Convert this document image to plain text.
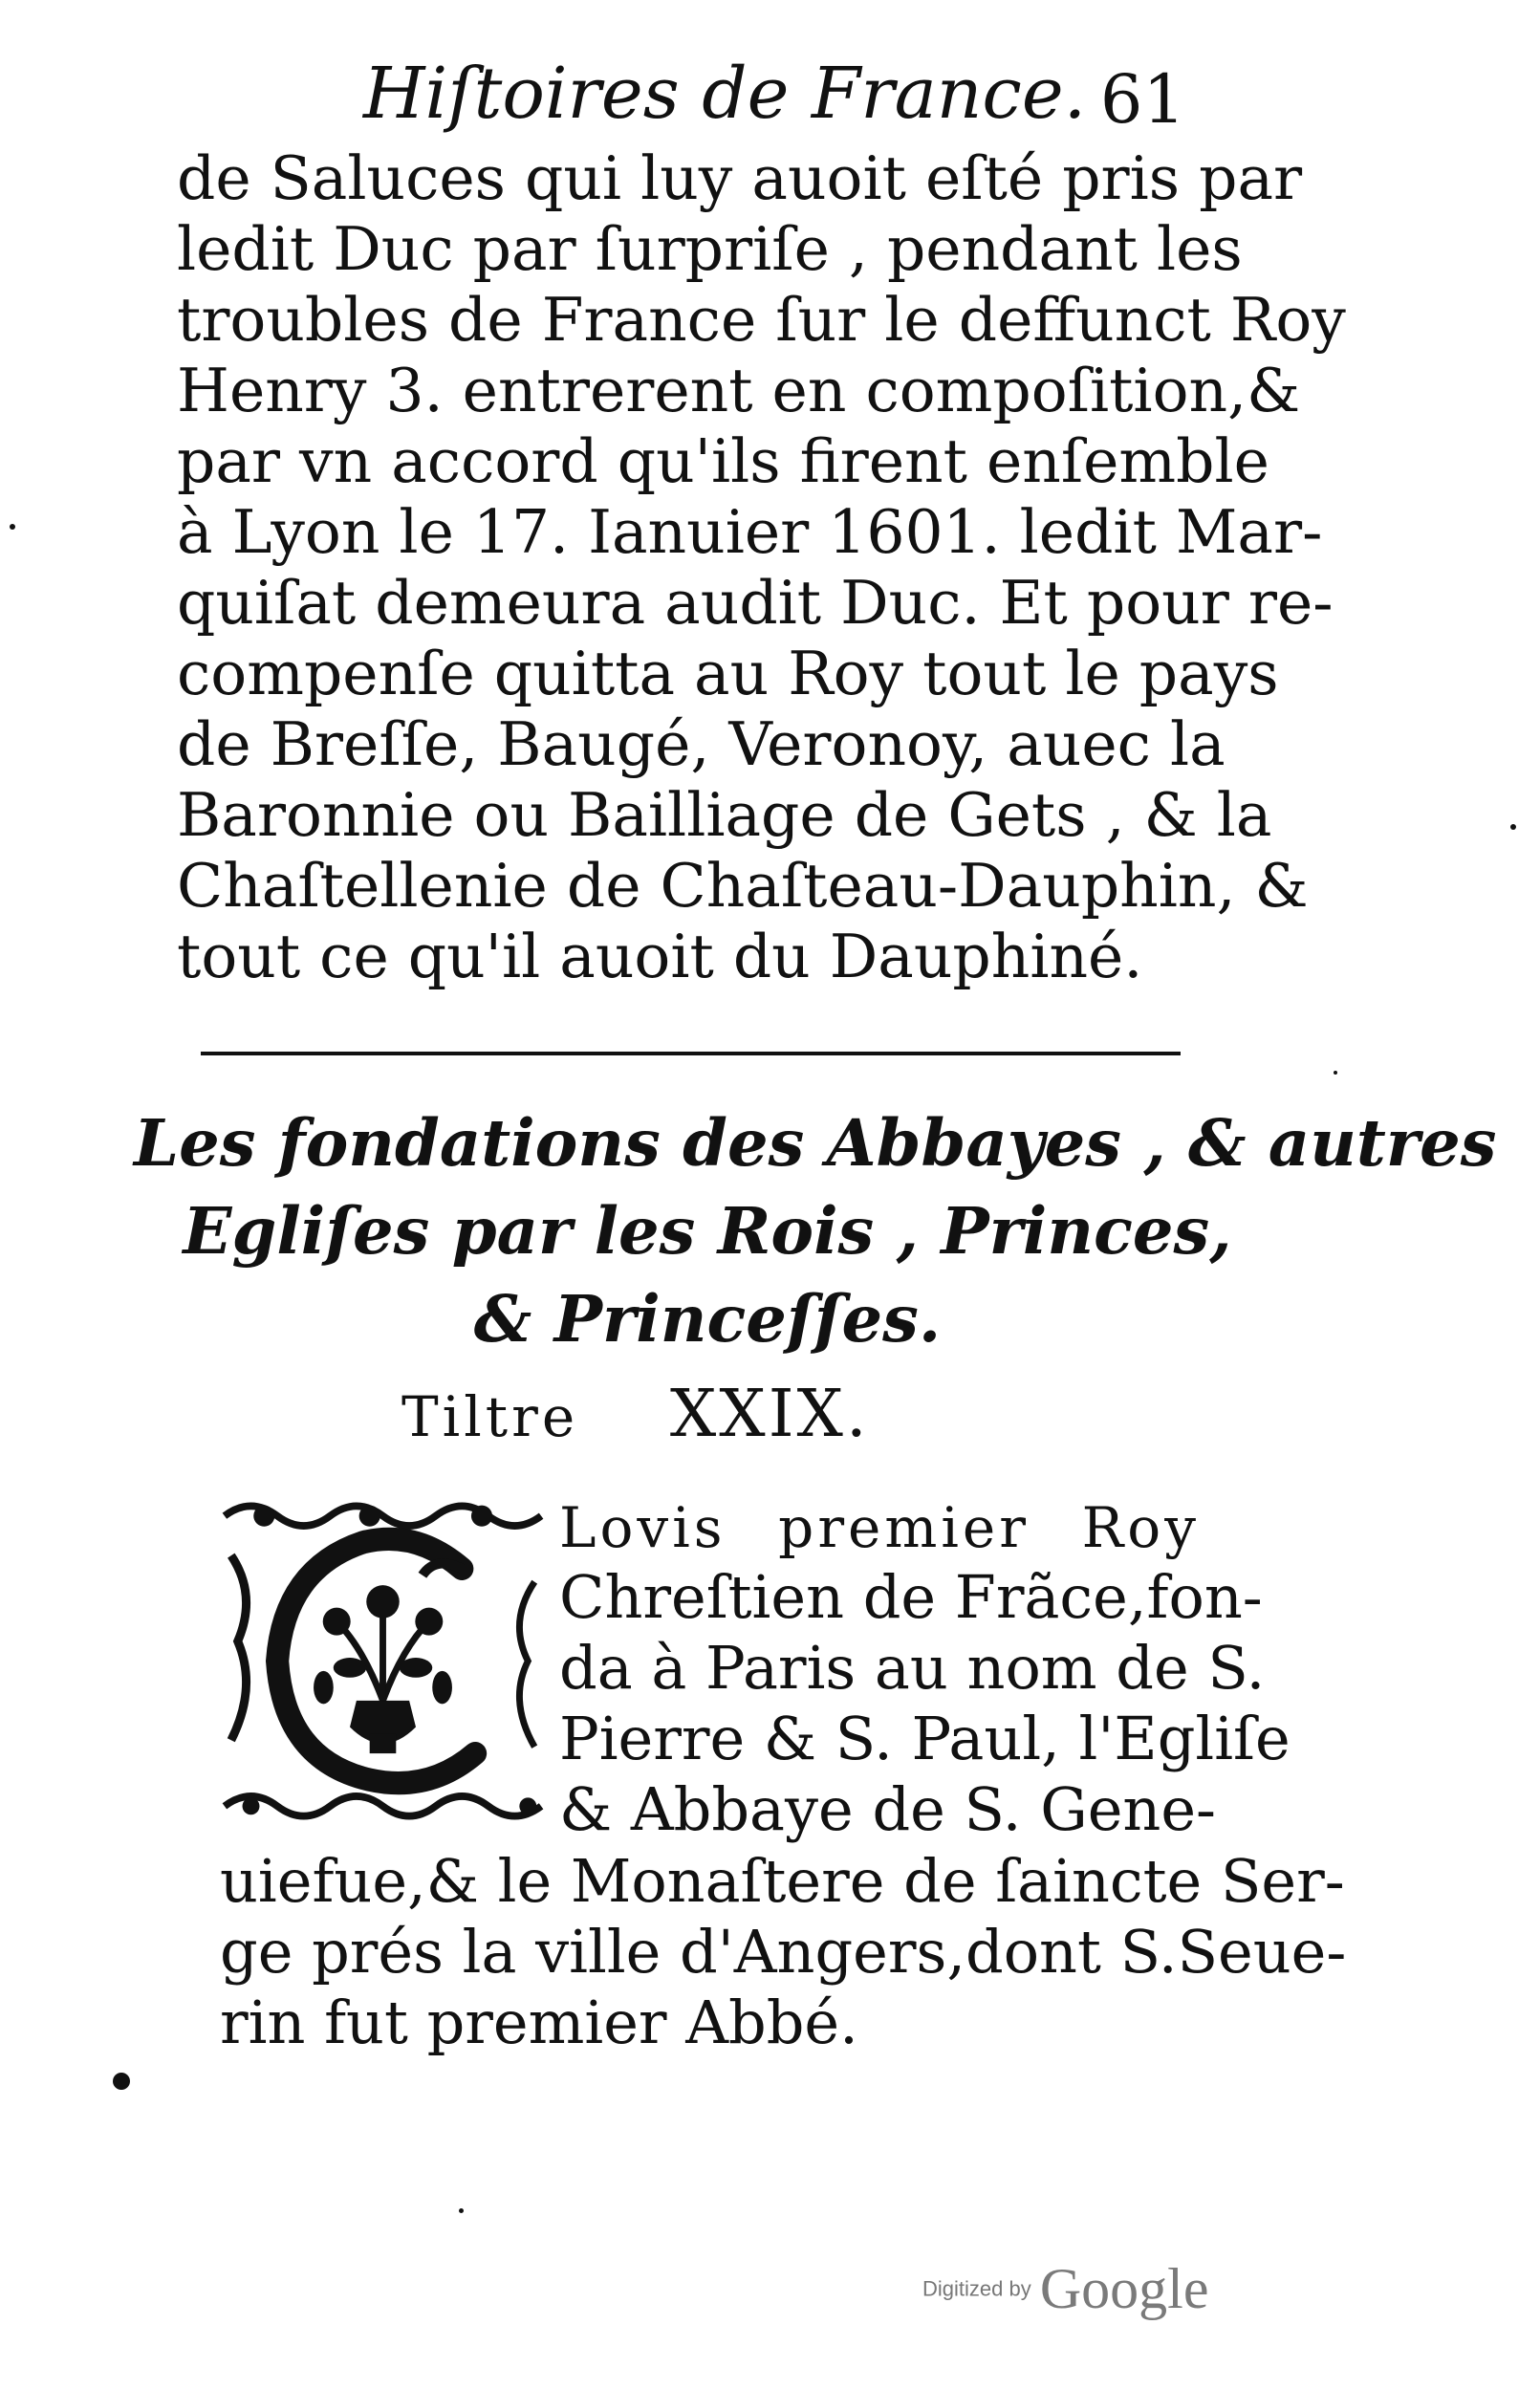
Hiſtoires de France. 61
de Saluces qui luy auoit eſté pris par
ledit Duc par ſurpriſe , pendant les
troubles de France ſur le deffunct Roy
Henry 3. entrerent en compoſition,&
par vn accord qu'ils firent enſemble
à Lyon le 17. Ianuier 1601. ledit Mar-
quiſat demeura audit Duc. Et pour re-
compenſe quitta au Roy tout le pays
de Breſſe, Baugé, Veronoy, auec la
Baronnie ou Bailliage de Gets , & la
Chaſtellenie de Chaſteau-Dauphin, &
tout ce qu'il auoit du Dauphiné.
Les fondations des Abbayes , & autres
Egliſes par les Rois , Princes,
& Princeſſes.
Tiltre XXIX.
Lovis premier Roy
Chreſtien de Frãce,fon-
da à Paris au nom de S.
Pierre & S. Paul, l'Egliſe
& Abbaye de S. Gene-
uiefue,& le Monaſtere de ſaincte Ser-
ge prés la ville d'Angers,dont S.Seue-
rin fut premier Abbé.
Digitized by Google
